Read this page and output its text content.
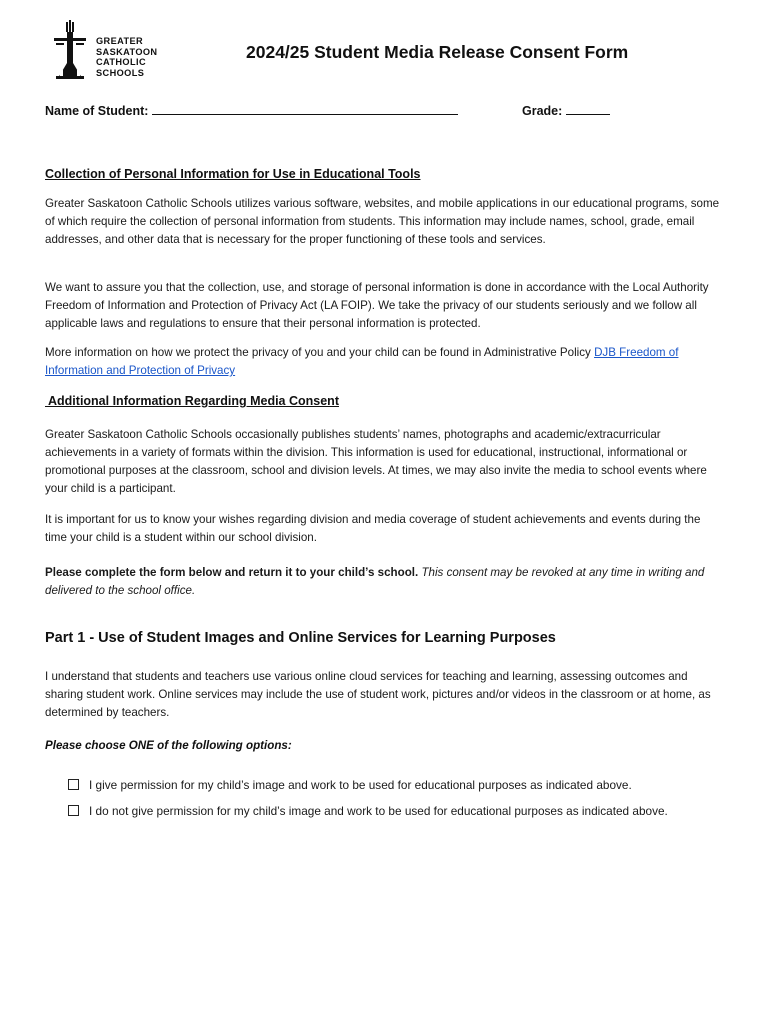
GREATER
SASKATOON
CATHOLIC
SCHOOLS
2024/25 Student Media Release Consent Form
Name of Student:	Grade:
Collection of Personal Information for Use in Educational Tools
Greater Saskatoon Catholic Schools utilizes various software, websites, and mobile applications in our educational programs, some of which require the collection of personal information from students. This information may include names, school, grade, email addresses, and other data that is necessary for the proper functioning of these tools and services.
We want to assure you that the collection, use, and storage of personal information is done in accordance with the Local Authority Freedom of Information and Protection of Privacy Act (LA FOIP). We take the privacy of our students seriously and we follow all applicable laws and regulations to ensure that their personal information is protected.
More information on how we protect the privacy of you and your child can be found in Administrative Policy DJB Freedom of Information and Protection of Privacy
Additional Information Regarding Media Consent
Greater Saskatoon Catholic Schools occasionally publishes students’ names, photographs and academic/extracurricular achievements in a variety of formats within the division. This information is used for educational, instructional, informational or promotional purposes at the classroom, school and division levels. At times, we may also invite the media to school events where your child is a participant.
It is important for us to know your wishes regarding division and media coverage of student achievements and events during the time your child is a student within our school division.
Please complete the form below and return it to your child’s school. This consent may be revoked at any time in writing and delivered to the school office.
Part 1 - Use of Student Images and Online Services for Learning Purposes
I understand that students and teachers use various online cloud services for teaching and learning, assessing outcomes and sharing student work. Online services may include the use of student work, pictures and/or videos in the classroom or at home, as determined by teachers.
Please choose ONE of the following options:
I give permission for my child’s image and work to be used for educational purposes as indicated above.
I do not give permission for my child’s image and work to be used for educational purposes as indicated above.
